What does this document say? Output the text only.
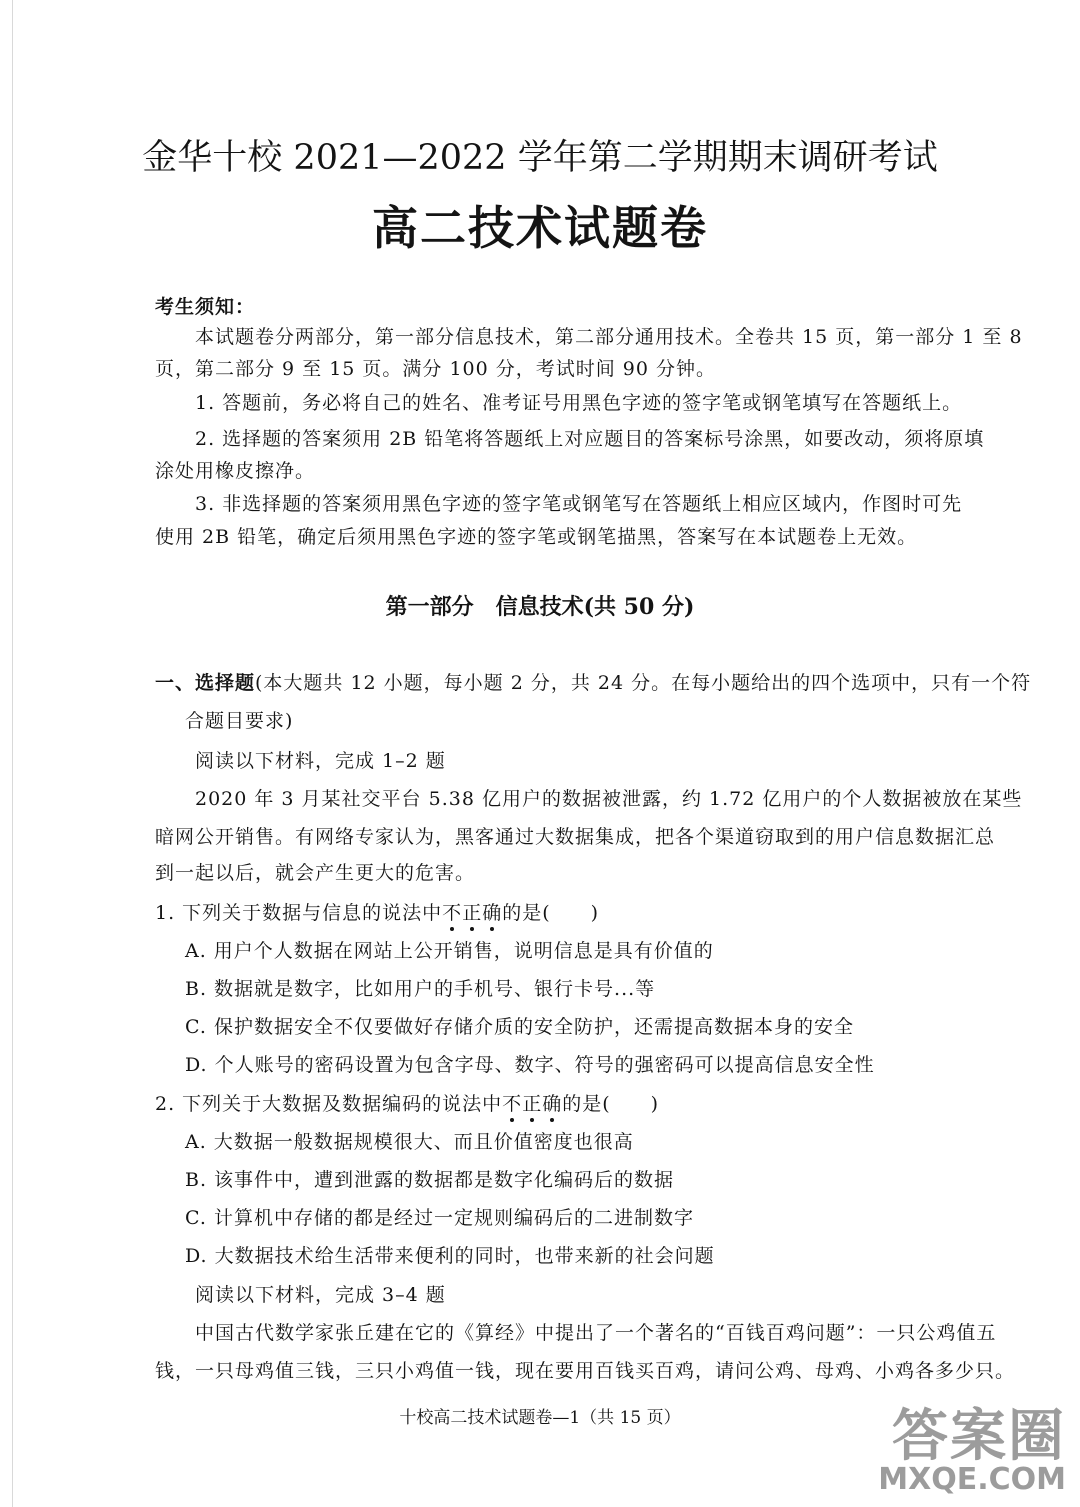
金华十校 2021—2022 学年第二学期期末调研考试
高二技术试题卷
考生须知：
本试题卷分两部分，第一部分信息技术，第二部分通用技术。全卷共 15 页，第一部分 1 至 8
页，第二部分 9 至 15 页。满分 100 分，考试时间 90 分钟。
1. 答题前，务必将自己的姓名、准考证号用黑色字迹的签字笔或钢笔填写在答题纸上。
2. 选择题的答案须用 2B 铅笔将答题纸上对应题目的答案标号涂黑，如要改动，须将原填
涂处用橡皮擦净。
3. 非选择题的答案须用黑色字迹的签字笔或钢笔写在答题纸上相应区域内，作图时可先
使用 2B 铅笔，确定后须用黑色字迹的签字笔或钢笔描黑，答案写在本试题卷上无效。
第一部分　信息技术(共 50 分)
一、选择题(本大题共 12 小题，每小题 2 分，共 24 分。在每小题给出的四个选项中，只有一个符
合题目要求)
阅读以下材料，完成 1–2 题
2020 年 3 月某社交平台 5.38 亿用户的数据被泄露，约 1.72 亿用户的个人数据被放在某些
暗网公开销售。有网络专家认为，黑客通过大数据集成，把各个渠道窃取到的用户信息数据汇总
到一起以后，就会产生更大的危害。
1. 下列关于数据与信息的说法中不正确的是(　　)
A. 用户个人数据在网站上公开销售，说明信息是具有价值的
B. 数据就是数字，比如用户的手机号、银行卡号...等
C. 保护数据安全不仅要做好存储介质的安全防护，还需提高数据本身的安全
D. 个人账号的密码设置为包含字母、数字、符号的强密码可以提高信息安全性
2. 下列关于大数据及数据编码的说法中不正确的是(　　)
A. 大数据一般数据规模很大、而且价值密度也很高
B. 该事件中，遭到泄露的数据都是数字化编码后的数据
C. 计算机中存储的都是经过一定规则编码后的二进制数字
D. 大数据技术给生活带来便利的同时，也带来新的社会问题
阅读以下材料，完成 3–4 题
中国古代数学家张丘建在它的《算经》中提出了一个著名的“百钱百鸡问题”：一只公鸡值五
钱，一只母鸡值三钱，三只小鸡值一钱，现在要用百钱买百鸡，请问公鸡、母鸡、小鸡各多少只。
十校高二技术试题卷—1（共 15 页）	答案圈
MXQE.COM
